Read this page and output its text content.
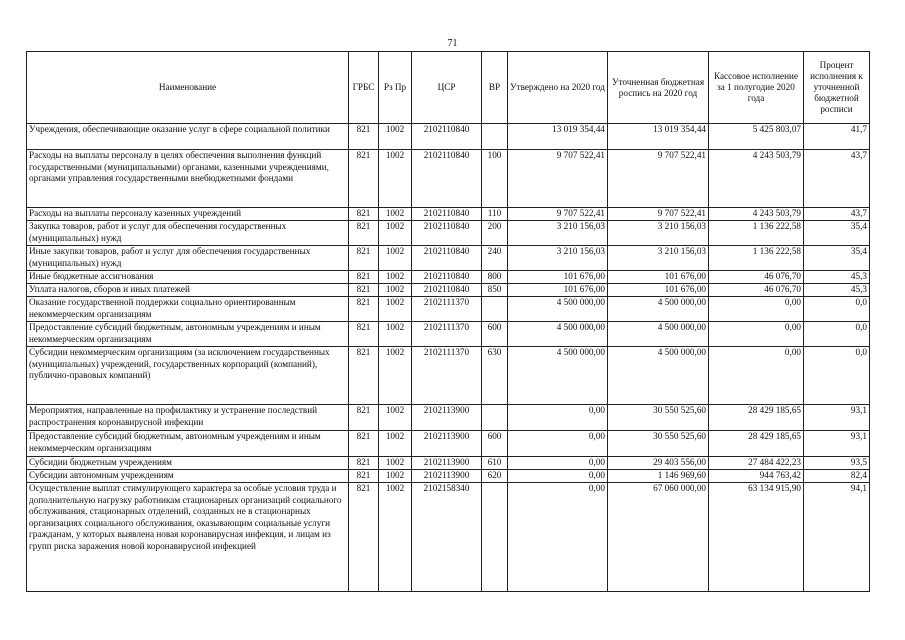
71
Наименование	ГРБС	Рз Пр	ЦСР	ВР	Утверждено на 2020 год	Уточненная бюджетная роспись на 2020 год	Кассовое исполнение за 1 полугодие 2020 года	Процент исполнения к уточненной бюджетной росписи
Учреждения, обеспечивающие оказание услуг в сфере социальной политики	821	1002	2102110840		13 019 354,44	13 019 354,44	5 425 803,07	41,7
Расходы на выплаты персоналу в целях обеспечения выполнения функций государственными (муниципальными) органами, казенными учреждениями, органами управления государственными внебюджетными фондами	821	1002	2102110840	100	9 707 522,41	9 707 522,41	4 243 503,79	43,7
Расходы на выплаты персоналу казенных учреждений	821	1002	2102110840	110	9 707 522,41	9 707 522,41	4 243 503,79	43,7
Закупка товаров, работ и услуг для обеспечения государственных (муниципальных) нужд	821	1002	2102110840	200	3 210 156,03	3 210 156,03	1 136 222,58	35,4
Иные закупки товаров, работ и услуг для обеспечения государственных (муниципальных) нужд	821	1002	2102110840	240	3 210 156,03	3 210 156,03	1 136 222,58	35,4
Иные бюджетные ассигнования	821	1002	2102110840	800	101 676,00	101 676,00	46 076,70	45,3
Уплата налогов, сборов и иных платежей	821	1002	2102110840	850	101 676,00	101 676,00	46 076,70	45,3
Оказание государственной поддержки социально ориентированным некоммерческим организациям	821	1002	2102111370		4 500 000,00	4 500 000,00	0,00	0,0
Предоставление субсидий бюджетным, автономным учреждениям и иным некоммерческим организациям	821	1002	2102111370	600	4 500 000,00	4 500 000,00	0,00	0,0
Субсидии некоммерческим организациям (за исключением государственных (муниципальных) учреждений, государственных корпораций (компаний), публично-правовых компаний)	821	1002	2102111370	630	4 500 000,00	4 500 000,00	0,00	0,0
Мероприятия, направленные на профилактику и устранение последствий распространения коронавирусной инфекции	821	1002	2102113900		0,00	30 550 525,60	28 429 185,65	93,1
Предоставление субсидий бюджетным, автономным учреждениям и иным некоммерческим организациям	821	1002	2102113900	600	0,00	30 550 525,60	28 429 185,65	93,1
Субсидии бюджетным учреждениям	821	1002	2102113900	610	0,00	29 403 556,00	27 484 422,23	93,5
Субсидии автономным учреждениям	821	1002	2102113900	620	0,00	1 146 969,60	944 763,42	82,4
Осуществление выплат стимулирующего характера за особые условия труда и дополнительную нагрузку работникам стационарных организаций социального обслуживания, стационарных отделений, созданных не в стационарных организациях социального обслуживания, оказывающим социальные услуги гражданам, у которых выявлена новая коронавирусная инфекция, и лицам из групп риска заражения новой коронавирусной инфекцией	821	1002	2102158340		0,00	67 060 000,00	63 134 915,90	94,1
